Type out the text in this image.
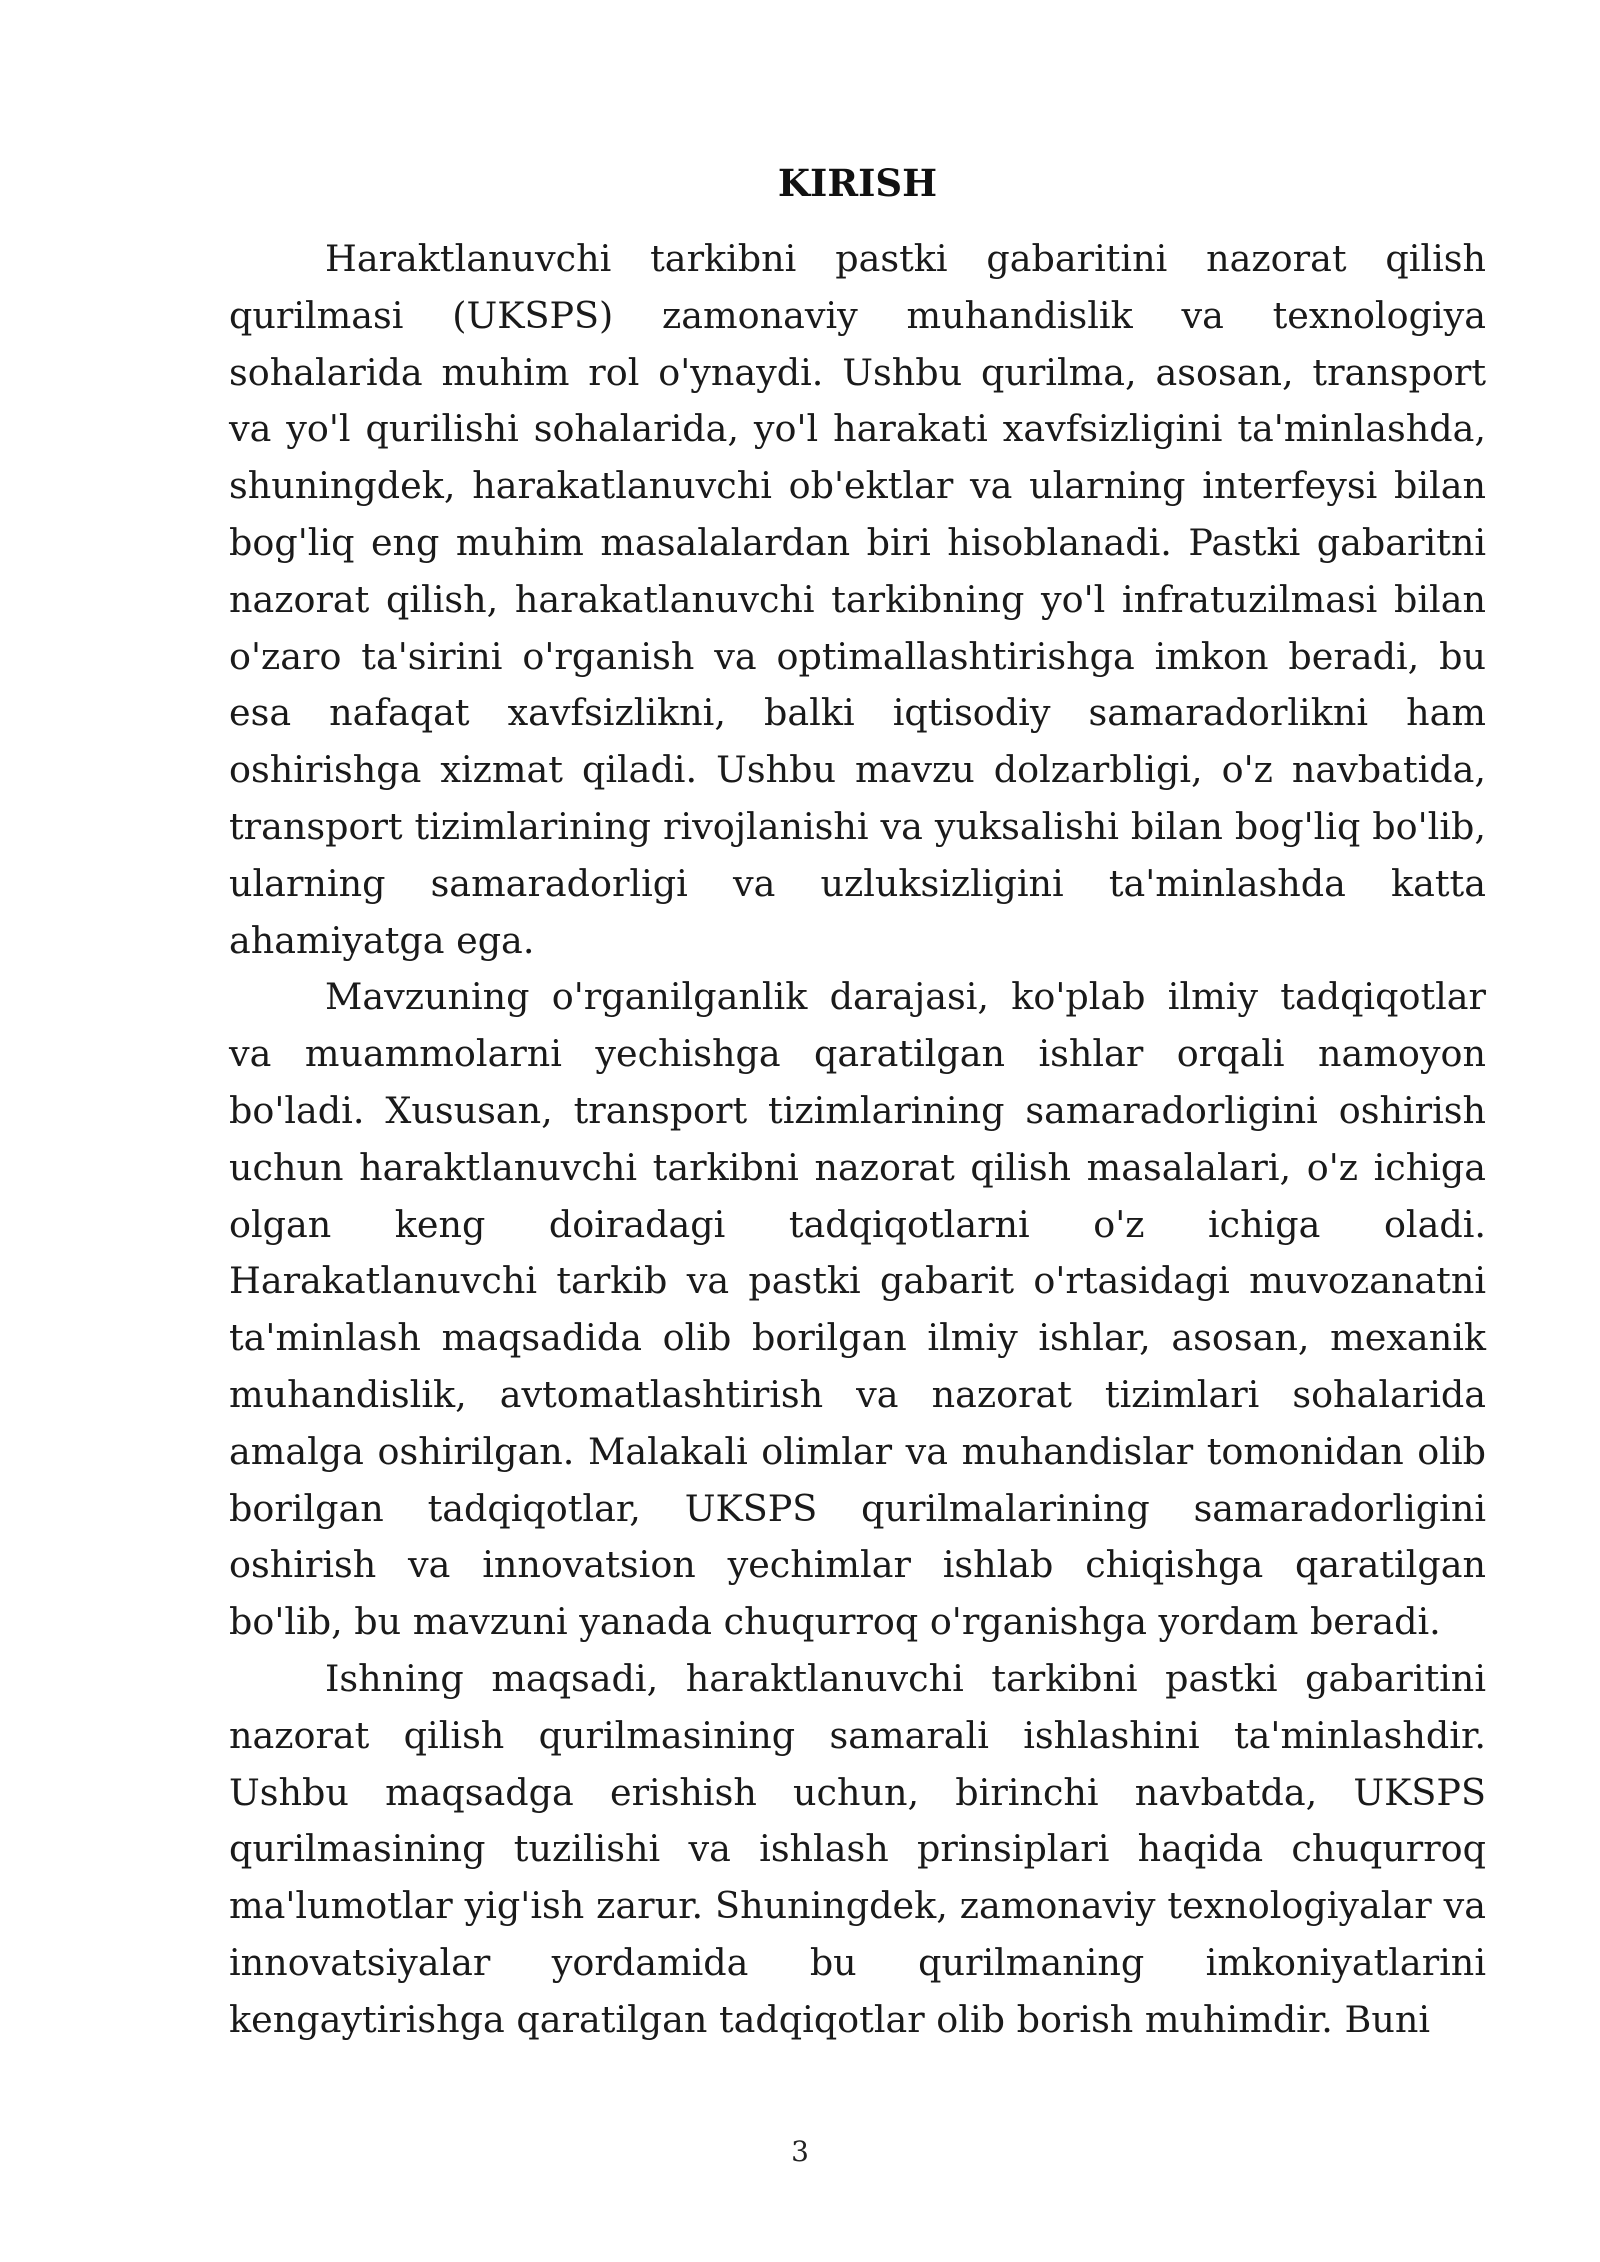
KIRISH

Haraktlanuvchi tarkibni pastki gabaritini nazorat qilish qurilmasi (UKSPS) zamonaviy muhandislik va texnologiya sohalarida muhim rol o'ynaydi. Ushbu qurilma, asosan, transport va yo'l qurilishi sohalarida, yo'l harakati xavfsizligini ta'minlashda, shuningdek, harakatlanuvchi ob'ektlar va ularning interfeysi bilan bog'liq eng muhim masalalardan biri hisoblanadi. Pastki gabaritni nazorat qilish, harakatlanuvchi tarkibning yo'l infratuzilmasi bilan o'zaro ta'sirini o'rganish va optimallashtirishga imkon beradi, bu esa nafaqat xavfsizlikni, balki iqtisodiy samaradorlikni ham oshirishga xizmat qiladi. Ushbu mavzu dolzarbligi, o'z navbatida, transport tizimlarining rivojlanishi va yuksalishi bilan bog'liq bo'lib, ularning samaradorligi va uzluksizligini ta'minlashda katta ahamiyatga ega.

Mavzuning o'rganilganlik darajasi, ko'plab ilmiy tadqiqotlar va muammolarni yechishga qaratilgan ishlar orqali namoyon bo'ladi. Xususan, transport tizimlarining samaradorligini oshirish uchun haraktlanuvchi tarkibni nazorat qilish masalalari, o'z ichiga olgan keng doiradagi tadqiqotlarni o'z ichiga oladi. Harakatlanuvchi tarkib va pastki gabarit o'rtasidagi muvozanatni ta'minlash maqsadida olib borilgan ilmiy ishlar, asosan, mexanik muhandislik, avtomatlashtirish va nazorat tizimlari sohalarida amalga oshirilgan. Malakali olimlar va muhandislar tomonidan olib borilgan tadqiqotlar, UKSPS qurilmalarining samaradorligini oshirish va innovatsion yechimlar ishlab chiqishga qaratilgan bo'lib, bu mavzuni yanada chuqurroq o'rganishga yordam beradi.

Ishning maqsadi, haraktlanuvchi tarkibni pastki gabaritini nazorat qilish qurilmasining samarali ishlashini ta'minlashdir. Ushbu maqsadga erishish uchun, birinchi navbatda, UKSPS qurilmasining tuzilishi va ishlash prinsiplari haqida chuqurroq ma'lumotlar yig'ish zarur. Shuningdek, zamonaviy texnologiyalar va innovatsiyalar yordamida bu qurilmaning imkoniyatlarini kengaytirishga qaratilgan tadqiqotlar olib borish muhimdir. Buni

3
